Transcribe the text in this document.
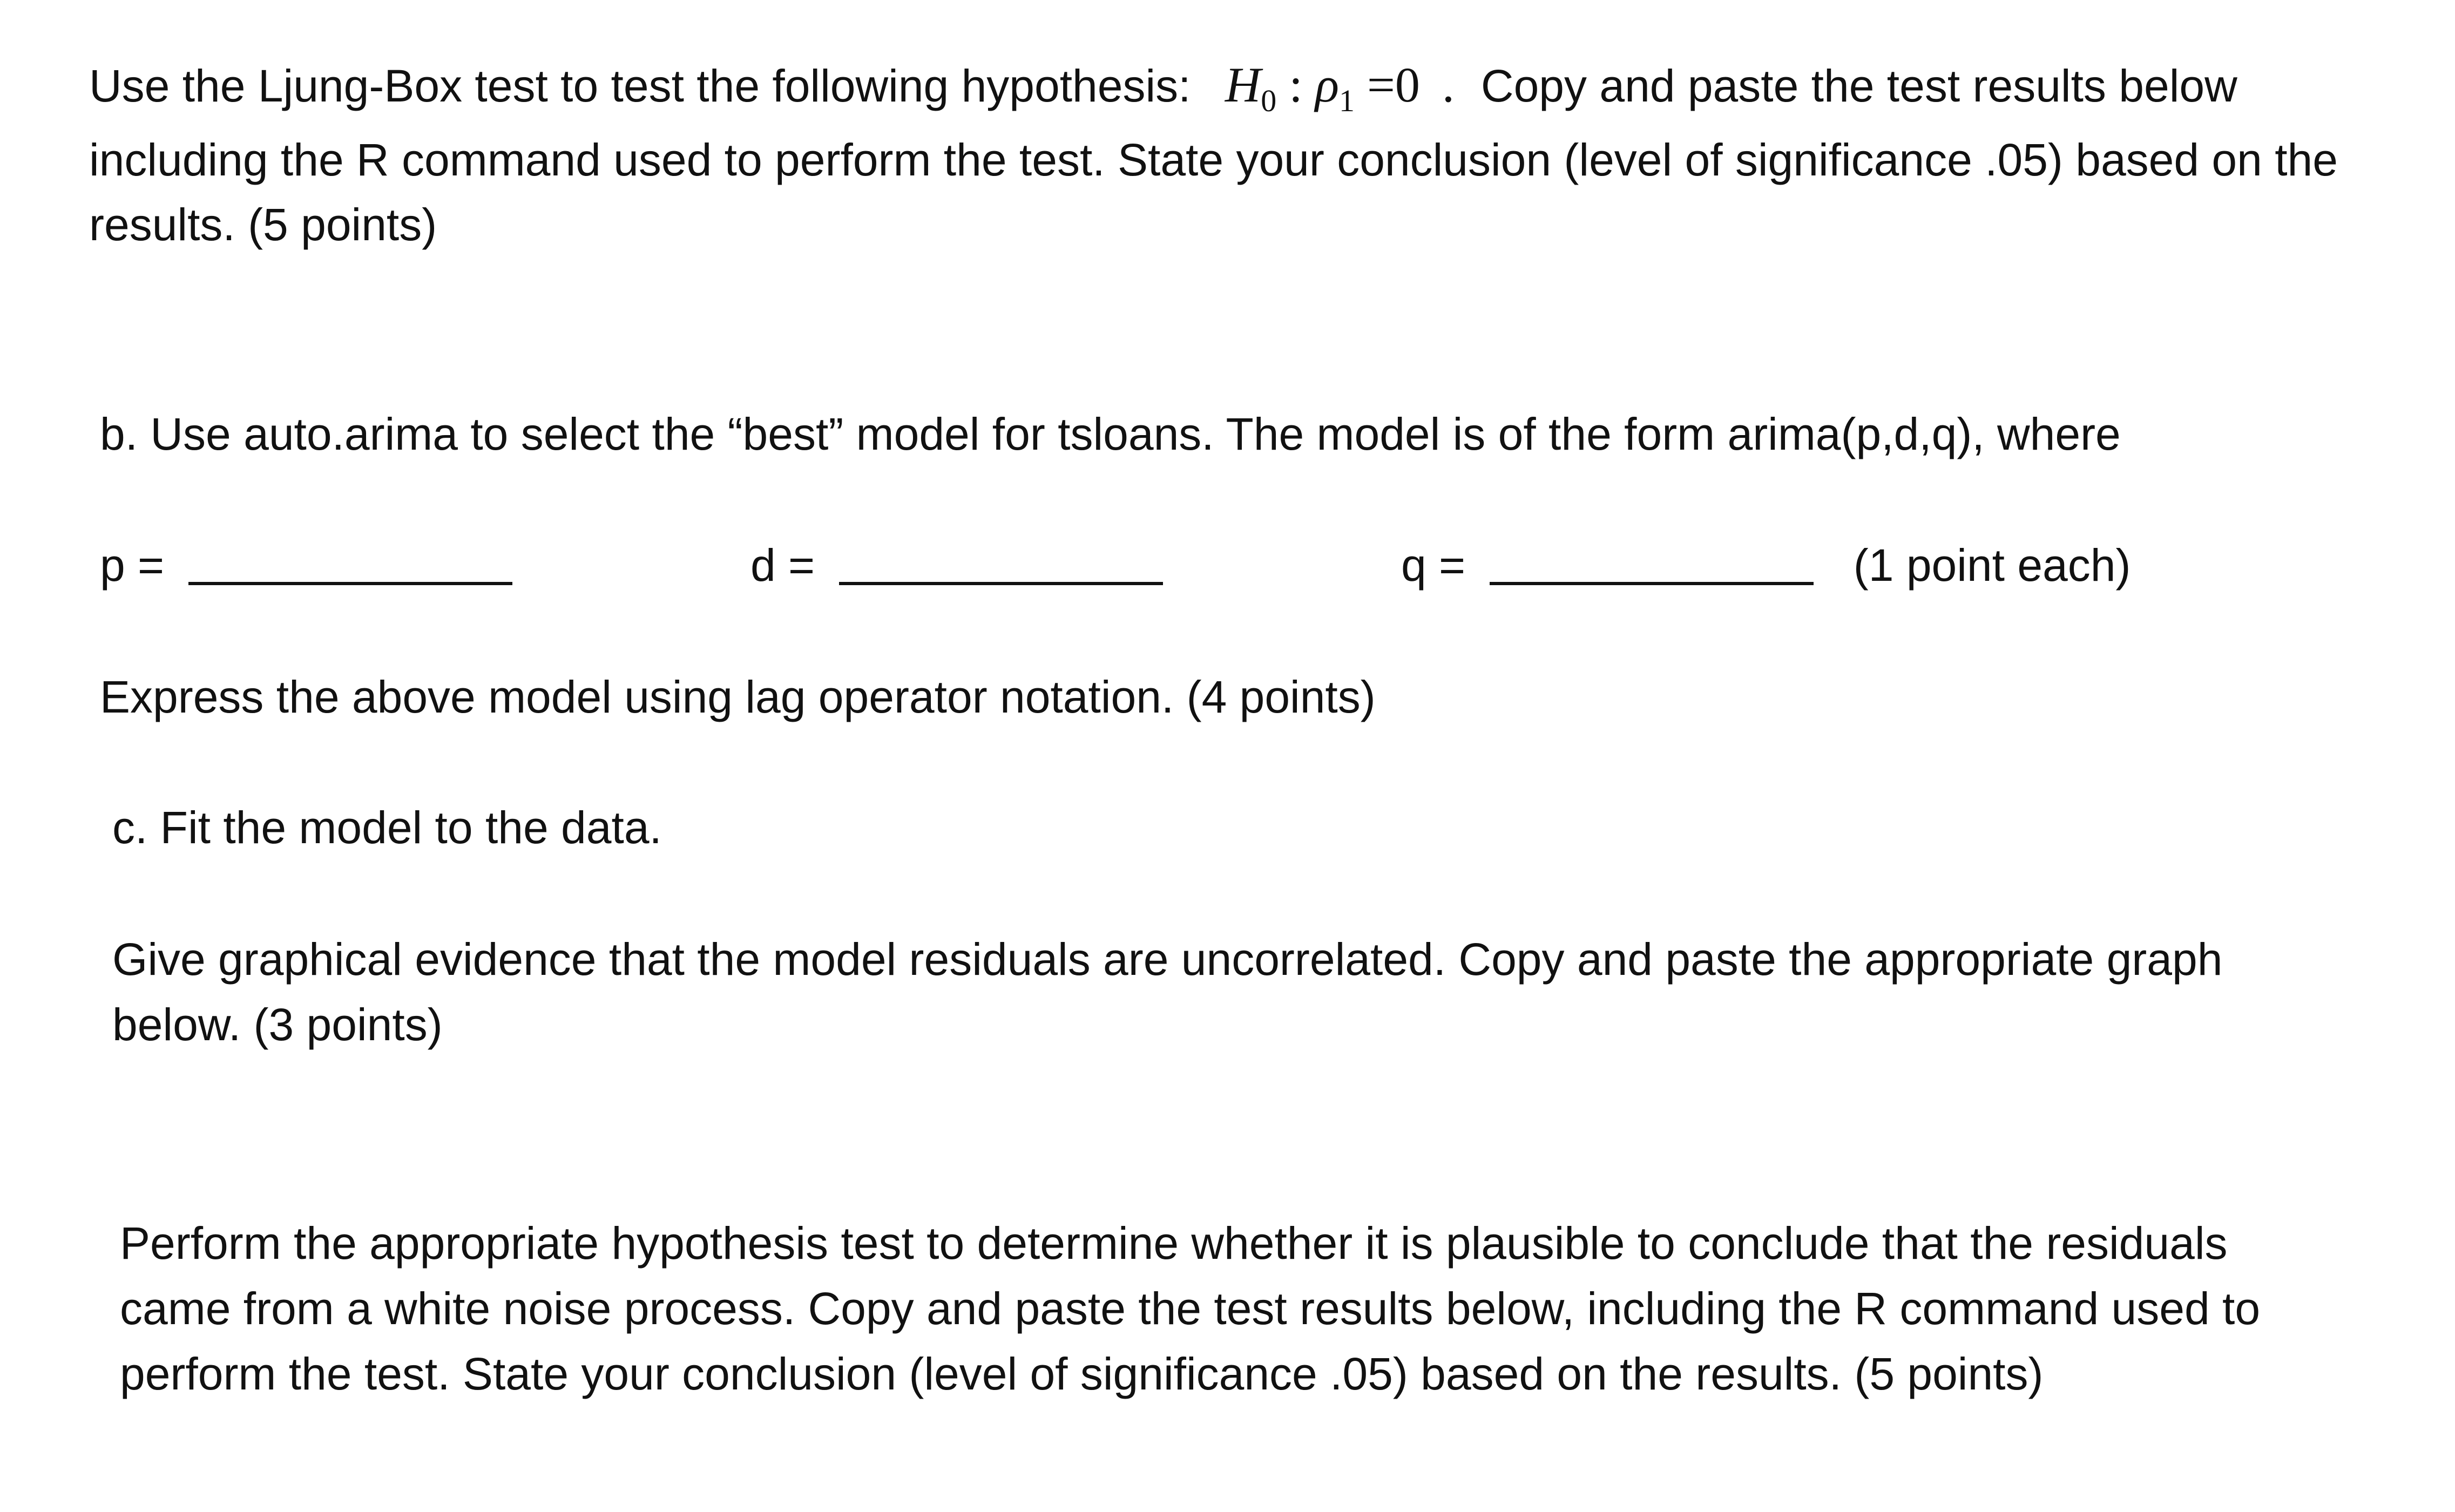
Use the Ljung-Box test to test the following hypothesis: $H_0$ : $\rho_1 =0$ . Copy and paste the test results below
including the R command used to perform the test. State your conclusion (level of significance .05) based on the
results. (5 points)
b. Use auto.arima to select the “best” model for tsloans. The model is of the form arima(p,d,q), where
p =	d =	q =	(1 point each)
Express the above model using lag operator notation. (4 points)
c. Fit the model to the data.
Give graphical evidence that the model residuals are uncorrelated. Copy and paste the appropriate graph
below. (3 points)
Perform the appropriate hypothesis test to determine whether it is plausible to conclude that the residuals
came from a white noise process. Copy and paste the test results below, including the R command used to
perform the test. State your conclusion (level of significance .05) based on the results. (5 points)
